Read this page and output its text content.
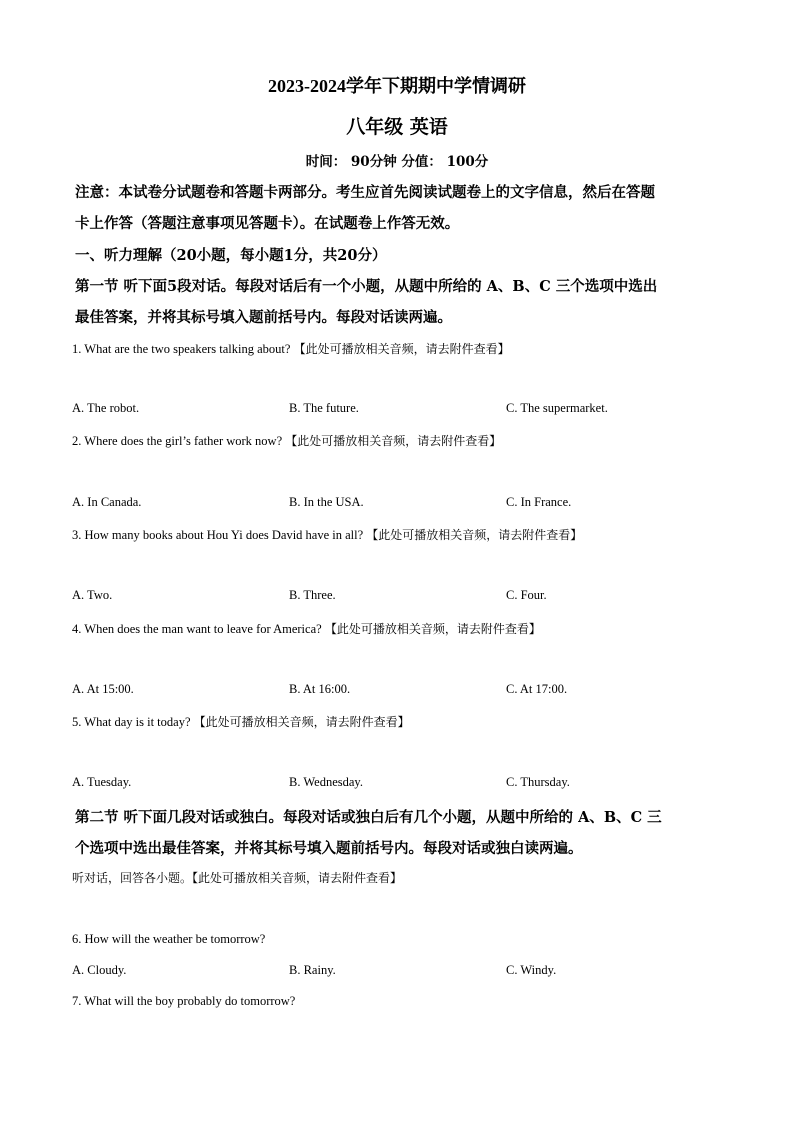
2023-2024学年下期期中学情调研
八年级 英语
时间： 90分钟 分值： 100分
注意：本试卷分试题卷和答题卡两部分。考生应首先阅读试题卷上的文字信息，然后在答题
卡上作答（答题注意事项见答题卡）。在试题卷上作答无效。
一、听力理解（20小题，每小题1分，共20分）
第一节 听下面5段对话。每段对话后有一个小题，从题中所给的 A、B、C 三个选项中选出
最佳答案，并将其标号填入题前括号内。每段对话读两遍。
1. What are the two speakers talking about? 【此处可播放相关音频，请去附件查看】
A. The robot.	B. The future.	C. The supermarket.
2. Where does the girl’s father work now? 【此处可播放相关音频，请去附件查看】
A. In Canada.	B. In the USA.	C. In France.
3. How many books about Hou Yi does David have in all? 【此处可播放相关音频，请去附件查看】
A. Two.	B. Three.	C. Four.
4. When does the man want to leave for America? 【此处可播放相关音频，请去附件查看】
A. At 15:00.	B. At 16:00.	C. At 17:00.
5. What day is it today? 【此处可播放相关音频，请去附件查看】
A. Tuesday.	B. Wednesday.	C. Thursday.
第二节 听下面几段对话或独白。每段对话或独白后有几个小题，从题中所给的 A、B、C 三
个选项中选出最佳答案，并将其标号填入题前括号内。每段对话或独白读两遍。
听对话，回答各小题。【此处可播放相关音频，请去附件查看】
6. How will the weather be tomorrow?
A. Cloudy.	B. Rainy.	C. Windy.
7. What will the boy probably do tomorrow?
